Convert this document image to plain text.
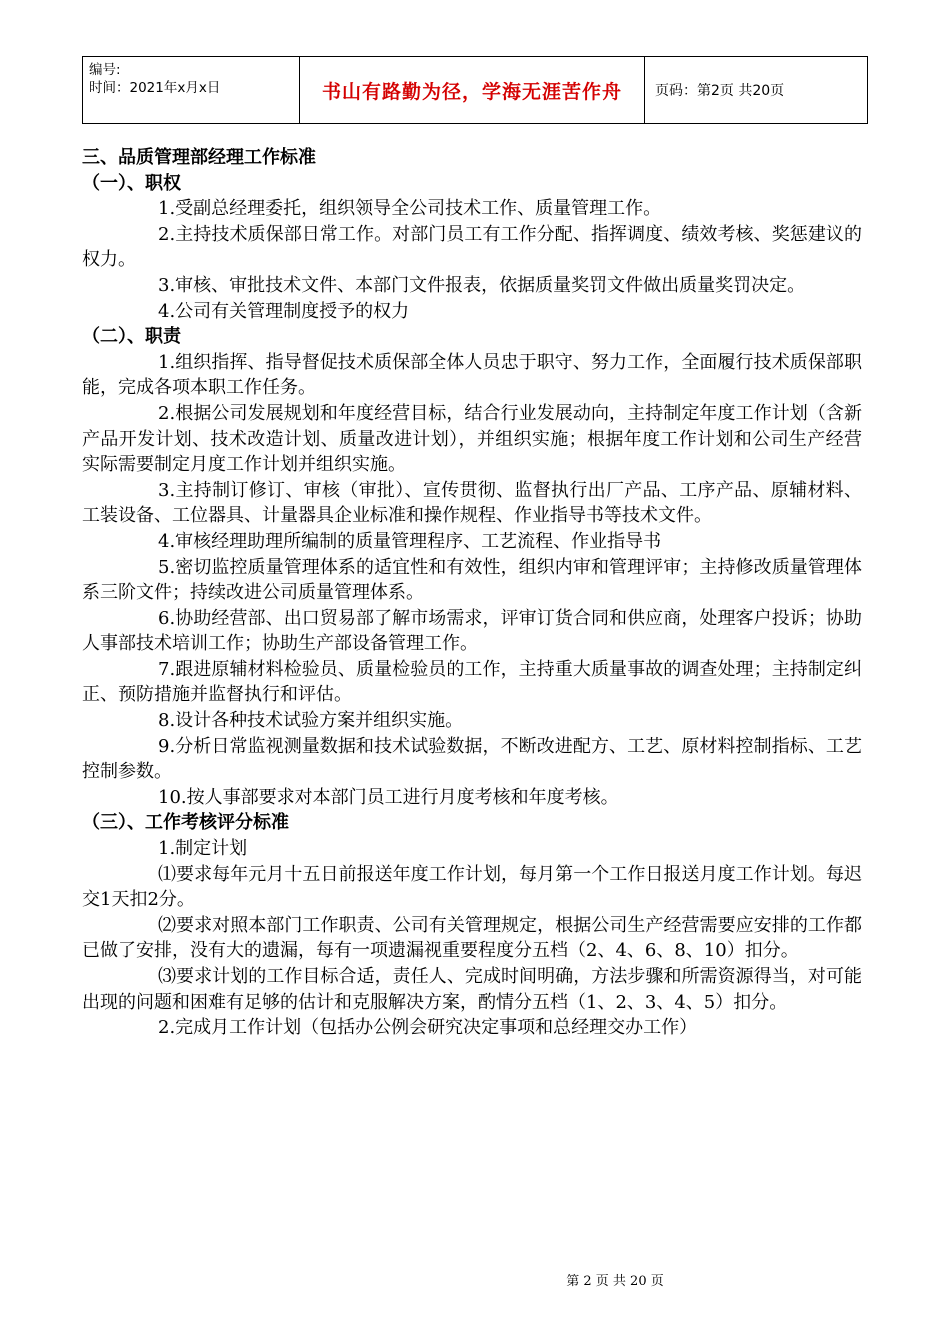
编号:
时间：2021年x月x日	书山有路勤为径，学海无涯苦作舟	页码：第2页 共20页

三、品质管理部经理工作标准

（一）、职权

1.受副总经理委托，组织领导全公司技术工作、质量管理工作。

2.主持技术质保部日常工作。对部门员工有工作分配、指挥调度、绩效考核、奖惩建议的权力。

3.审核、审批技术文件、本部门文件报表，依据质量奖罚文件做出质量奖罚决定。

4.公司有关管理制度授予的权力

（二）、职责

1.组织指挥、指导督促技术质保部全体人员忠于职守、努力工作，全面履行技术质保部职能，完成各项本职工作任务。

2.根据公司发展规划和年度经营目标，结合行业发展动向，主持制定年度工作计划（含新产品开发计划、技术改造计划、质量改进计划），并组织实施；根据年度工作计划和公司生产经营实际需要制定月度工作计划并组织实施。

3.主持制订修订、审核（审批）、宣传贯彻、监督执行出厂产品、工序产品、原辅材料、工装设备、工位器具、计量器具企业标准和操作规程、作业指导书等技术文件。

4.审核经理助理所编制的质量管理程序、工艺流程、作业指导书

5.密切监控质量管理体系的适宜性和有效性，组织内审和管理评审；主持修改质量管理体系三阶文件；持续改进公司质量管理体系。

6.协助经营部、出口贸易部了解市场需求，评审订货合同和供应商，处理客户投诉；协助人事部技术培训工作；协助生产部设备管理工作。

7.跟进原辅材料检验员、质量检验员的工作，主持重大质量事故的调查处理；主持制定纠正、预防措施并监督执行和评估。

8.设计各种技术试验方案并组织实施。

9.分析日常监视测量数据和技术试验数据，不断改进配方、工艺、原材料控制指标、工艺控制参数。

10.按人事部要求对本部门员工进行月度考核和年度考核。

（三）、工作考核评分标准

1.制定计划

⑴要求每年元月十五日前报送年度工作计划，每月第一个工作日报送月度工作计划。每迟交1天扣2分。

⑵要求对照本部门工作职责、公司有关管理规定，根据公司生产经营需要应安排的工作都已做了安排，没有大的遗漏，每有一项遗漏视重要程度分五档（2、4、6、8、10）扣分。

⑶要求计划的工作目标合适，责任人、完成时间明确，方法步骤和所需资源得当，对可能出现的问题和困难有足够的估计和克服解决方案，酌情分五档（1、2、3、4、5）扣分。

2.完成月工作计划（包括办公例会研究决定事项和总经理交办工作）

第 2 页 共 20 页
